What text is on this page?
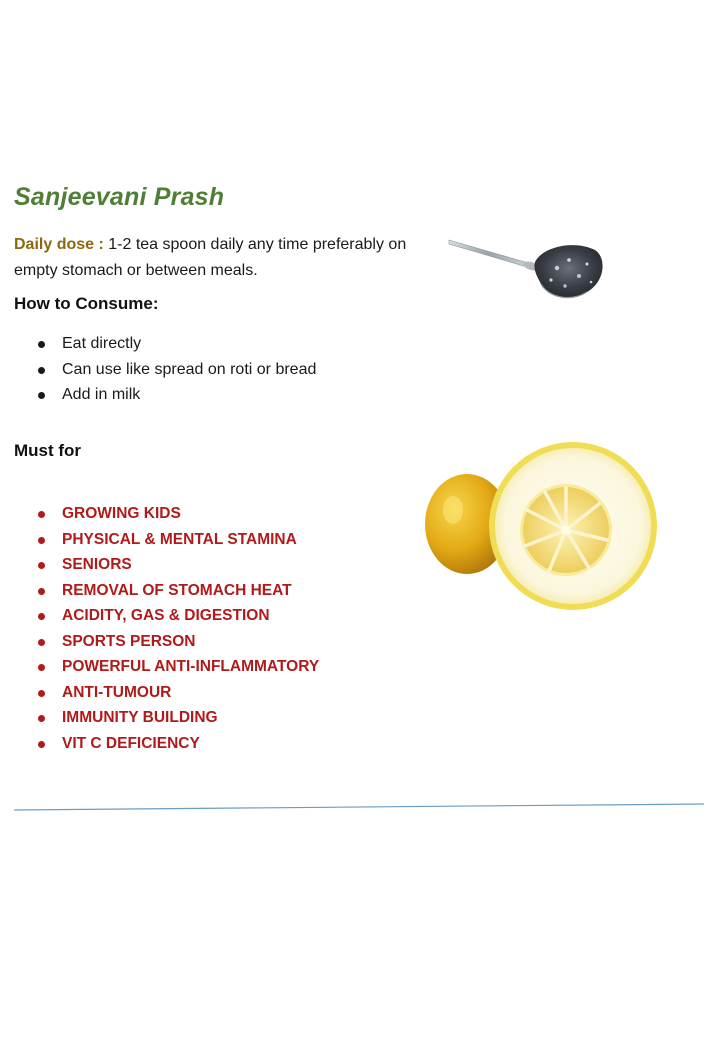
Sanjeevani Prash

Daily dose : 1-2 tea spoon daily any time preferably on empty stomach or between meals.

How to Consume:
Eat directly
Can use like spread on roti or bread
Add in milk
Must for
GROWING KIDS
PHYSICAL & MENTAL STAMINA
SENIORS
REMOVAL OF STOMACH HEAT
ACIDITY, GAS & DIGESTION
SPORTS PERSON
POWERFUL ANTI-INFLAMMATORY
ANTI-TUMOUR
IMMUNITY BUILDING
VIT C DEFICIENCY
